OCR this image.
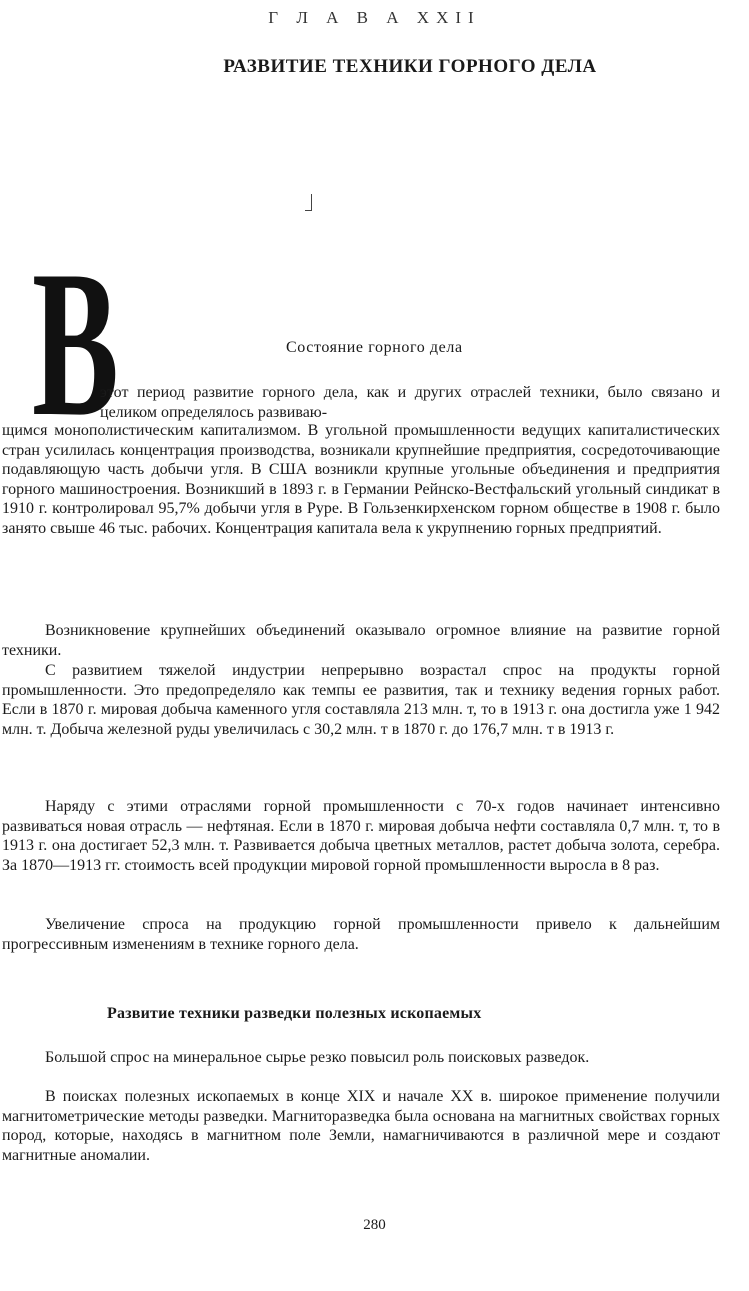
Г Л А В А XXII
РАЗВИТИЕ ТЕХНИКИ ГОРНОГО ДЕЛА
В	Состояние горного дела

этот период развитие горного дела, как и других отраслей техники, было связано и целиком определялось развиваю-

щимся монополистическим капитализмом. В угольной промышленности ведущих капиталистических стран усилилась концентрация производства, возникали крупнейшие предприятия, сосредоточивающие подавляющую часть добычи угля. В США возникли крупные угольные объединения и предприятия горного машиностроения. Возникший в 1893 г. в Германии Рейнско-Вестфальский угольный синдикат в 1910 г. контролировал 95,7% добычи угля в Руре. В Гользенкирхенском горном обществе в 1908 г. было занято свыше 46 тыс. рабочих. Концентрация капитала вела к укрупнению горных предприятий.

Возникновение крупнейших объединений оказывало огромное влияние на развитие горной техники.

С развитием тяжелой индустрии непрерывно возрастал спрос на продукты горной промышленности. Это предопределяло как темпы ее развития, так и технику ведения горных работ. Если в 1870 г. мировая добыча каменного угля составляла 213 млн. т, то в 1913 г. она достигла уже 1 942 млн. т. Добыча железной руды увеличилась с 30,2 млн. т в 1870 г. до 176,7 млн. т в 1913 г.

Наряду с этими отраслями горной промышленности с 70-х годов начинает интенсивно развиваться новая отрасль — нефтяная. Если в 1870 г. мировая добыча нефти составляла 0,7 млн. т, то в 1913 г. она достигает 52,3 млн. т. Развивается добыча цветных металлов, растет добыча золота, серебра. За 1870—1913 гг. стоимость всей продукции мировой горной промышленности выросла в 8 раз.

Увеличение спроса на продукцию горной промышленности привело к дальнейшим прогрессивным изменениям в технике горного дела.

Развитие техники разведки полезных ископаемых

Большой спрос на минеральное сырье резко повысил роль поисковых разведок.

В поисках полезных ископаемых в конце XIX и начале XX в. широкое применение получили магнитометрические методы разведки. Магниторазведка была основана на магнитных свойствах горных пород, которые, находясь в магнитном поле Земли, намагничиваются в различной мере и создают магнитные аномалии.

280
